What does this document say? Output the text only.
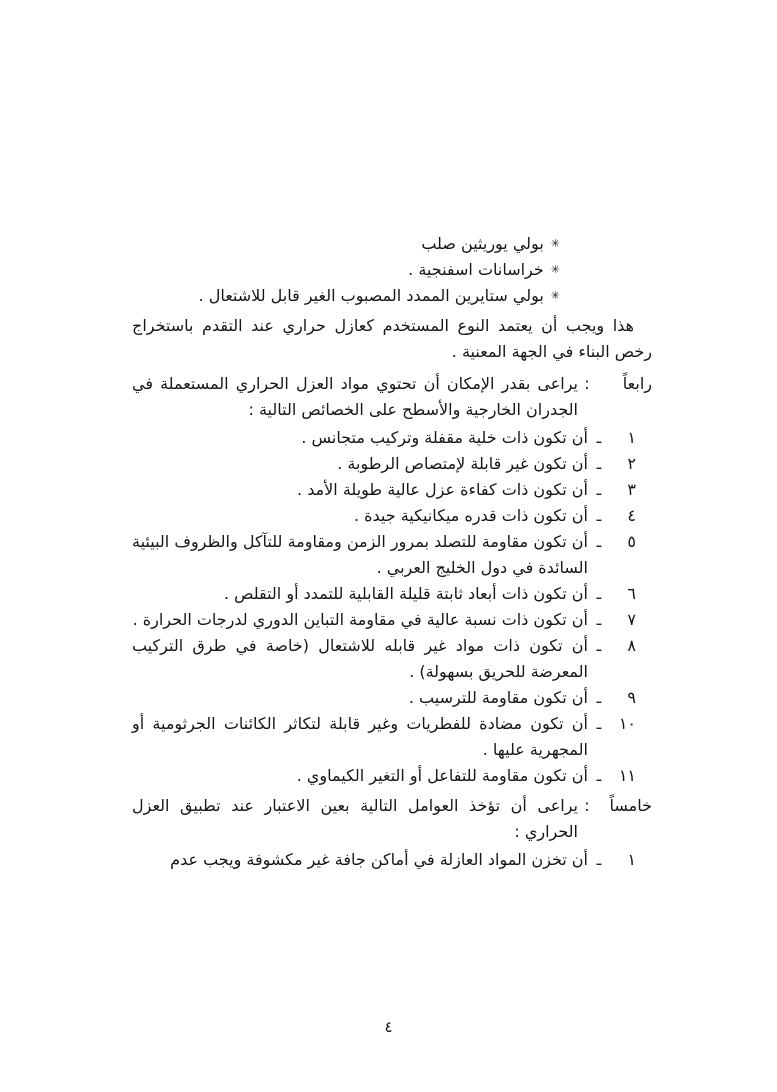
✳بولي يوريثين صلب
✳خراسانات اسفنجية .
✳بولي ستايرين الممدد المصبوب الغير قابل للاشتعال .

هذا ويجب أن يعتمد النوع المستخدم كعازل حراري عند التقدم باستخراج رخص البناء في الجهة المعنية .

رابعاً
:
يراعى بقدر الإمكان أن تحتوي مواد العزل الحراري المستعملة في الجدران الخارجية والأسطح على الخصائص التالية :
١
ـ
أن تكون ذات خلية مقفلة وتركيب متجانس .
٢
ـ
أن تكون غير قابلة لإمتصاص الرطوبة .
٣
ـ
أن تكون ذات كفاءة عزل عالية طويلة الأمد .
٤
ـ
أن تكون ذات قدره ميكانيكية جيدة .
٥
ـ
أن تكون مقاومة للتصلد بمرور الزمن ومقاومة للتآكل والظروف البيئية السائدة في دول الخليج العربي .
٦
ـ
أن تكون ذات أبعاد ثابتة قليلة القابلية للتمدد أو التقلص .
٧
ـ
أن تكون ذات نسبة عالية في مقاومة التباين الدوري لدرجات الحرارة .
٨
ـ
أن تكون ذات مواد غير قابله للاشتعال (خاصة في طرق التركيب المعرضة للحريق بسهولة) .
٩
ـ
أن تكون مقاومة للترسيب .
١٠
ـ
أن تكون مضادة للفطريات وغير قابلة لتكاثر الكائنات الجرثومية أو المجهرية عليها .
١١
ـ
أن تكون مقاومة للتفاعل أو التغير الكيماوي .
خامساً
:
يراعى أن تؤخذ العوامل التالية بعين الاعتبار عند تطبيق العزل الحراري :
١
ـ
أن تخزن المواد العازلة في أماكن جافة غير مكشوفة ويجب عدم
٤
